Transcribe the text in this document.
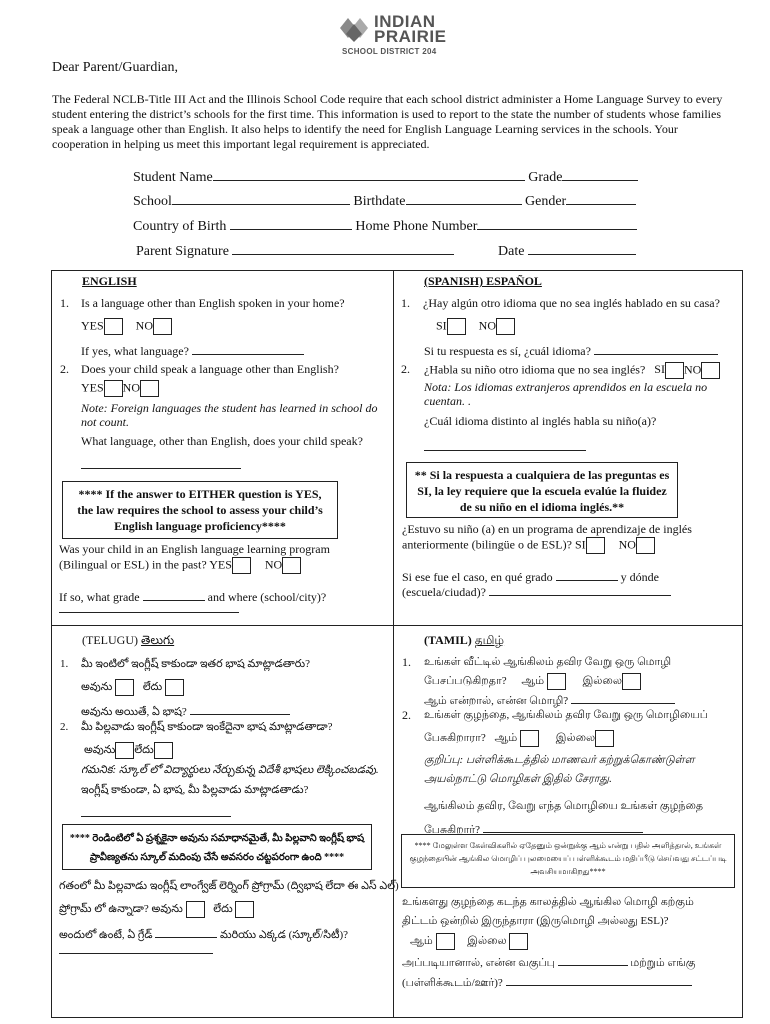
INDIAN
PRAIRIE
SCHOOL DISTRICT 204
Dear Parent/Guardian,
The Federal NCLB-Title III Act and the Illinois School Code require that each school district administer a Home Language Survey to every student entering the district’s schools for the first time. This information is used to report to the state the number of students whose families speak a language other than English. It also helps to identify the need for English Language Learning services in the schools. Your cooperation in helping us meet this important legal requirement is appreciated.
Student Name	Grade
School	Birthdate	Gender
Country of Birth	Home Phone Number
Parent Signature	Date
ENGLISH
1. Is a language other than English spoken in your home?
YES	NO
If yes, what language?
2. Does your child speak a language other than English?
YES NO
Note: Foreign languages the student has learned in school do not count.
What language, other than English, does your child speak?
**** If the answer to EITHER question is YES, the law requires the school to assess your child’s English language proficiency****
Was your child in an English language learning program (Bilingual or ESL) in the past? YES	NO
If so, what grade	and where (school/city)?
(SPANISH) ESPAÑOL
1. ¿Hay algún otro idioma que no sea inglés hablado en su casa?
SI	NO
Si tu respuesta es sí, ¿cuál idioma?
2. ¿Habla su niño otro idioma que no sea inglés? SI NO
Nota: Los idiomas extranjeros aprendidos en la escuela no cuentan. .
¿Cuál idioma distinto al inglés habla su niño(a)?
** Si la respuesta a cualquiera de las preguntas es SI, la ley requiere que la escuela evalúe la fluidez de su niño en el idioma inglés.**
¿Estuvo su niño (a) en un programa de aprendizaje de inglés anteriormente (bilingüe o de ESL)? SI	NO
Si ese fue el caso, en qué grado	y dónde
(escuela/ciudad)?
(TELUGU) తెలుగు
1. మీ ఇంటిలో ఇంగ్లీష్ కాకుండా ఇతర భాష మాట్లాడతారు?
అవును	లేదు
అవును అయితే, ఏ భాష?
2. మీ పిల్లవాడు ఇంగ్లీష్ కాకుండా ఇంకేదైనా భాష మాట్లాడతాడా?
అవును లేదు
గమనిక: స్కూల్ లో విద్యార్థులు నేర్చుకున్న విదేశీ భాషలు లెక్కించబడవు.
ఇంగ్లీష్ కాకుండా, ఏ భాష, మీ పిల్లవాడు మాట్లాడతాడు?
**** రెండింటిలో ఏ ప్రశ్నకైనా అవును సమాధానమైతే, మీ పిల్లవాని ఇంగ్లీష్ భాష ప్రావీణ్యతను స్కూల్ మదింపు చేసే అవసరం చట్టపరంగా ఉంది ****
గతంలో మీ పిల్లవాడు ఇంగ్లీష్ లాంగ్వేజ్ లెర్నింగ్ ప్రోగ్రామ్ (ద్విభాష లేదా ఈ ఎస్ ఎల్)
ప్రోగ్రామ్ లో ఉన్నాడా? అవును	లేదు
అందులో ఉంటే, ఏ గ్రేడ్	మరియు ఎక్కడ (స్కూల్/సిటీ)?
(TAMIL) தமிழ்
1. உங்கள் வீட்டில் ஆங்கிலம் தவிர வேறு ஒரு மொழி
பேசப்படுகிறதா? ஆம்	இல்லை
ஆம் என்றால், என்ன மொழி?
2. உங்கள் குழந்தை, ஆங்கிலம் தவிர வேறு ஒரு மொழியைப்
பேசுகிறாரா? ஆம்	இல்லை
குறிப்பு: பள்ளிக்கூடத்தில் மாணவர் கற்றுக்கொண்டுள்ள
அயல்நாட்டு மொழிகள் இதில் சேராது.
ஆங்கிலம் தவிர, வேறு எந்த மொழியை உங்கள் குழந்தை
பேசுகிறார்?
**** மேலுள்ள கேள்விகளில் ஏதேனும் ஒன்றுக்கு ஆம் என்று பதில் அளித்தால், உங்கள் குழந்தையின் ஆங்கில மொழிப் புலமையைப் பள்ளிக்கூடம் மதிப்பீடு செய்வது சட்டப்படி அவசியமாகிறது****
உங்களது குழந்தை கடந்த காலத்தில் ஆங்கில மொழி கற்கும்
திட்டம் ஒன்றில் இருந்தாரா (இருமொழி அல்லது ESL)?
ஆம்	இல்லை
அப்படியானால், என்ன வகுப்பு	மற்றும் எங்கு
(பள்ளிக்கூடம்/ஊர்)?
